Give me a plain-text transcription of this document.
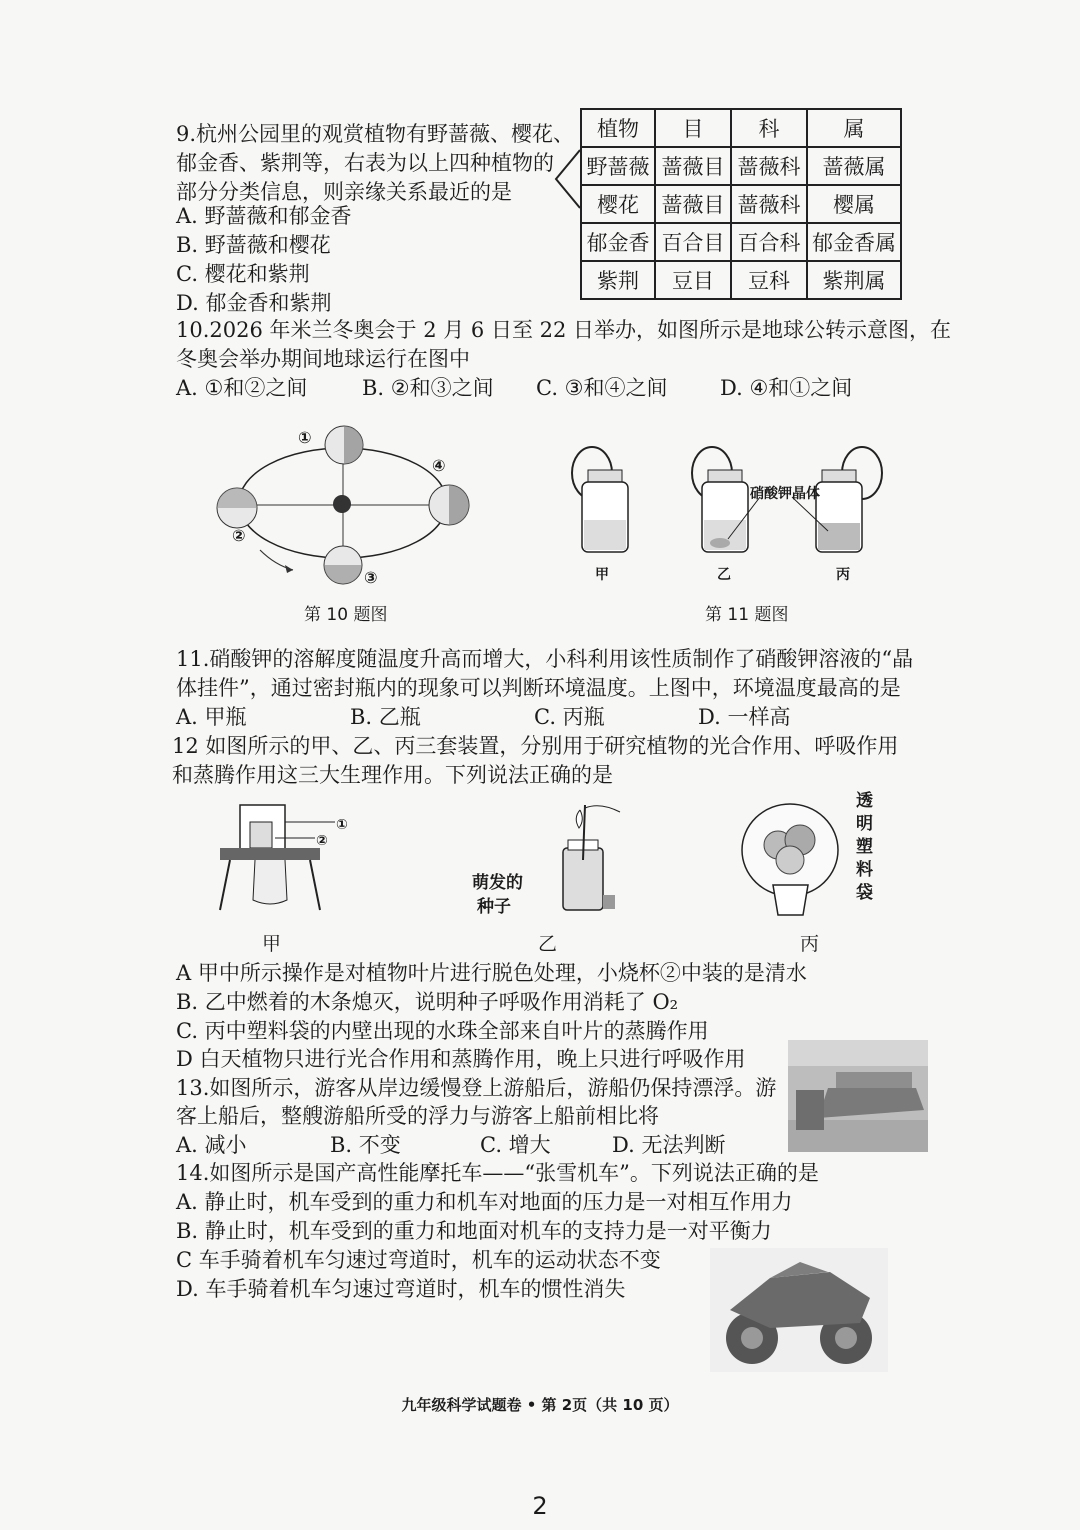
9.杭州公园里的观赏植物有野蔷薇、樱花、
郁金香、紫荆等，右表为以上四种植物的
部分分类信息，则亲缘关系最近的是
A. 野蔷薇和郁金香
B. 野蔷薇和樱花
C. 樱花和紫荆
D. 郁金香和紫荆
植物	目	科	属
野蔷薇	蔷薇目	蔷薇科	蔷薇属
樱花	蔷薇目	蔷薇科	樱属
郁金香	百合目	百合科	郁金香属
紫荆	豆目	豆科	紫荆属
10.2026 年米兰冬奥会于 2 月 6 日至 22 日举办，如图所示是地球公转示意图，在
冬奥会举办期间地球运行在图中
A. ①和②之间	B. ②和③之间 C. ③和④之间	D. ④和①之间
①
②
③
④
第 10 题图
硝酸钾晶体
甲	乙	丙
第 11 题图
11.硝酸钾的溶解度随温度升高而增大，小科利用该性质制作了硝酸钾溶液的“晶
体挂件”，通过密封瓶内的现象可以判断环境温度。上图中，环境温度最高的是
A. 甲瓶	B. 乙瓶	C. 丙瓶	D. 一样高
12 如图所示的甲、乙、丙三套装置，分别用于研究植物的光合作用、呼吸作用
和蒸腾作用这三大生理作用。下列说法正确的是
①
②
萌发的
种子
透
明
塑
料
袋
甲	乙	丙
A 甲中所示操作是对植物叶片进行脱色处理，小烧杯②中装的是清水
B. 乙中燃着的木条熄灭，说明种子呼吸作用消耗了 O₂
C. 丙中塑料袋的内壁出现的水珠全部来自叶片的蒸腾作用
D 白天植物只进行光合作用和蒸腾作用，晚上只进行呼吸作用
13.如图所示，游客从岸边缓慢登上游船后，游船仍保持漂浮。游
客上船后，整艘游船所受的浮力与游客上船前相比将
A. 减小	B. 不变	C. 增大	D. 无法判断
14.如图所示是国产高性能摩托车——“张雪机车”。下列说法正确的是
A. 静止时，机车受到的重力和机车对地面的压力是一对相互作用力
B. 静止时，机车受到的重力和地面对机车的支持力是一对平衡力
C 车手骑着机车匀速过弯道时，机车的运动状态不变
D. 车手骑着机车匀速过弯道时，机车的惯性消失
九年级科学试题卷 • 第 2页（共 10 页）
2
